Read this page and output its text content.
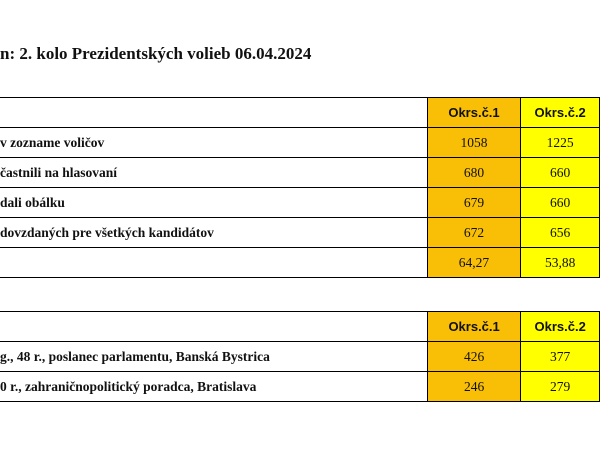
n: 2. kolo Prezidentských volieb 06.04.2024
	Okrs.č.1	Okrs.č.2
v zozname voličov	1058	1225
častnili na hlasovaní	680	660
dali obálku	679	660
dovzdaných pre všetkých kandidátov	672	656
	64,27	53,88
	Okrs.č.1	Okrs.č.2
g., 48 r., poslanec parlamentu, Banská Bystrica	426	377
0 r., zahraničnopolitický poradca, Bratislava	246	279
